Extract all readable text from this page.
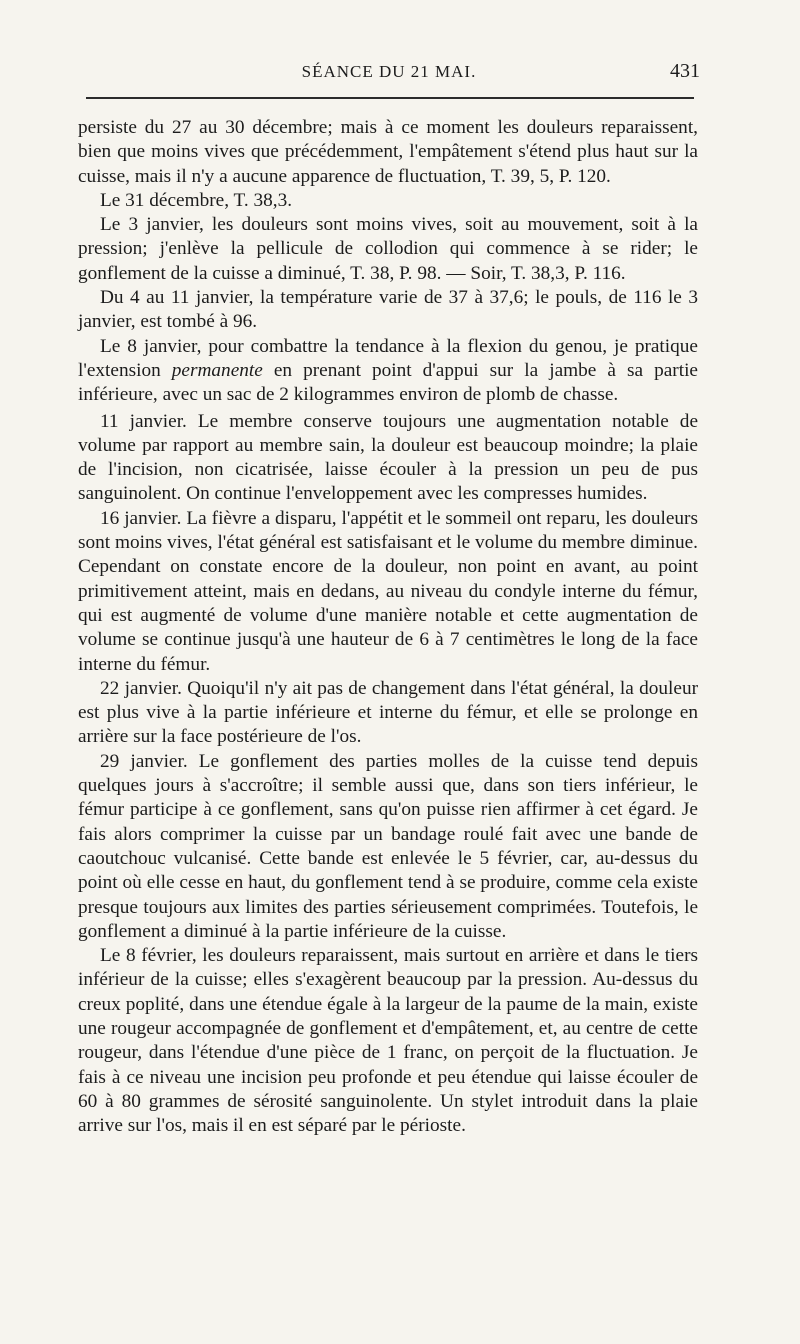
SÉANCE DU 21 MAI.	431

persiste du 27 au 30 décembre; mais à ce moment les douleurs reparaissent, bien que moins vives que précédemment, l'empâtement s'étend plus haut sur la cuisse, mais il n'y a aucune apparence de fluctuation, T. 39, 5, P. 120.

Le 31 décembre, T. 38,3.

Le 3 janvier, les douleurs sont moins vives, soit au mouvement, soit à la pression; j'enlève la pellicule de collodion qui commence à se rider; le gonflement de la cuisse a diminué, T. 38, P. 98. — Soir, T. 38,3, P. 116.

Du 4 au 11 janvier, la température varie de 37 à 37,6; le pouls, de 116 le 3 janvier, est tombé à 96.

Le 8 janvier, pour combattre la tendance à la flexion du genou, je pratique l'extension permanente en prenant point d'appui sur la jambe à sa partie inférieure, avec un sac de 2 kilogrammes environ de plomb de chasse.

11 janvier. Le membre conserve toujours une augmentation notable de volume par rapport au membre sain, la douleur est beaucoup moindre; la plaie de l'incision, non cicatrisée, laisse écouler à la pression un peu de pus sanguinolent. On continue l'enveloppement avec les compresses humides.

16 janvier. La fièvre a disparu, l'appétit et le sommeil ont reparu, les douleurs sont moins vives, l'état général est satisfaisant et le volume du membre diminue. Cependant on constate encore de la douleur, non point en avant, au point primitivement atteint, mais en dedans, au niveau du condyle interne du fémur, qui est augmenté de volume d'une manière notable et cette augmentation de volume se continue jusqu'à une hauteur de 6 à 7 centimètres le long de la face interne du fémur.

22 janvier. Quoiqu'il n'y ait pas de changement dans l'état général, la douleur est plus vive à la partie inférieure et interne du fémur, et elle se prolonge en arrière sur la face postérieure de l'os.

29 janvier. Le gonflement des parties molles de la cuisse tend depuis quelques jours à s'accroître; il semble aussi que, dans son tiers inférieur, le fémur participe à ce gonflement, sans qu'on puisse rien affirmer à cet égard. Je fais alors comprimer la cuisse par un bandage roulé fait avec une bande de caoutchouc vulcanisé. Cette bande est enlevée le 5 février, car, au-dessus du point où elle cesse en haut, du gonflement tend à se produire, comme cela existe presque toujours aux limites des parties sérieusement comprimées. Toutefois, le gonflement a diminué à la partie inférieure de la cuisse.

Le 8 février, les douleurs reparaissent, mais surtout en arrière et dans le tiers inférieur de la cuisse; elles s'exagèrent beaucoup par la pression. Au-dessus du creux poplité, dans une étendue égale à la largeur de la paume de la main, existe une rougeur accompagnée de gonflement et d'empâtement, et, au centre de cette rougeur, dans l'étendue d'une pièce de 1 franc, on perçoit de la fluctuation. Je fais à ce niveau une incision peu profonde et peu étendue qui laisse écouler de 60 à 80 grammes de sérosité sanguinolente. Un stylet introduit dans la plaie arrive sur l'os, mais il en est séparé par le périoste.
